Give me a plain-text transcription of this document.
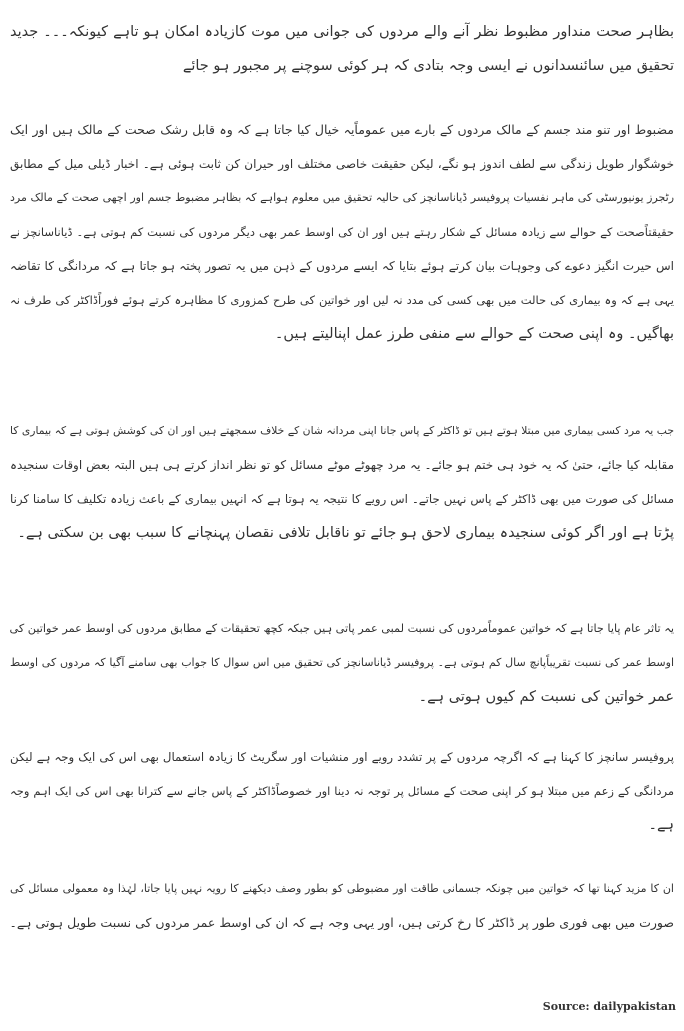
بظاہر صحت منداور مظبوط نظر آنے والے مردوں کی جوانی میں موت کازیادہ امکان ہو تاہے کیونکہ۔۔۔ جدید
تحقیق میں سائنسدانوں نے ایسی وجہ بتادی کہ ہر کوئی سوچنے پر مجبور ہو جائے
مضبوط اور تنو مند جسم کے مالک مردوں کے بارے میں عموماًیہ خیال کیا جاتا ہے کہ وہ قابل رشک صحت کے مالک ہیں اور ایک
خوشگوار طویل زندگی سے لطف اندوز ہو نگے، لیکن حقیقت خاصی مختلف اور حیران کن ثابت ہوئی ہے۔ اخبار ڈیلی میل کے مطابق
رٹجرز یونیورسٹی کی ماہر نفسیات پروفیسر ڈیاناسانچز کی حالیہ تحقیق میں معلوم ہواہے کہ بظاہر مضبوط جسم اور اچھی صحت کے مالک مرد
حقیقتاًصحت کے حوالے سے زیادہ مسائل کے شکار رہتے ہیں اور ان کی اوسط عمر بھی دیگر مردوں کی نسبت کم ہوتی ہے۔ ڈیاناسانچز نے
اس حیرت انگیز دعوے کی وجوہات بیان کرتے ہوئے بتایا کہ ایسے مردوں کے ذہن میں یہ تصور پختہ ہو جاتا ہے کہ مردانگی کا تقاضہ
یہی ہے کہ وہ بیماری کی حالت میں بھی کسی کی مدد نہ لیں اور خواتین کی طرح کمزوری کا مظاہرہ کرتے ہوئے فوراًڈاکٹر کی طرف نہ
بھاگیں۔ وہ اپنی صحت کے حوالے سے منفی طرز عمل اپنالیتے ہیں۔
جب یہ مرد کسی بیماری میں مبتلا ہوتے ہیں تو ڈاکٹر کے پاس جانا اپنی مردانہ شان کے خلاف سمجھتے ہیں اور ان کی کوشش ہوتی ہے کہ بیماری کا
مقابلہ کیا جائے، حتیٰ کہ یہ خود ہی ختم ہو جائے۔ یہ مرد چھوٹے موٹے مسائل کو تو نظر انداز کرتے ہی ہیں البتہ بعض اوقات سنجیدہ
مسائل کی صورت میں بھی ڈاکٹر کے پاس نہیں جاتے۔ اس رویے کا نتیجہ یہ ہوتا ہے کہ انہیں بیماری کے باعث زیادہ تکلیف کا سامنا کرنا
پڑتا ہے اور اگر کوئی سنجیدہ بیماری لاحق ہو جائے تو ناقابل تلافی نقصان پہنچانے کا سبب بھی بن سکتی ہے۔
یہ تاثر عام پایا جاتا ہے کہ خواتین عموماًمردوں کی نسبت لمبی عمر پاتی ہیں جبکہ کچھ تحقیقات کے مطابق مردوں کی اوسط عمر خواتین کی
اوسط عمر کی نسبت تقریباًپانچ سال کم ہوتی ہے۔ پروفیسر ڈیاناسانچز کی تحقیق میں اس سوال کا جواب بھی سامنے آگیا کہ مردوں کی اوسط
عمر خواتین کی نسبت کم کیوں ہوتی ہے۔
پروفیسر سانچز کا کہنا ہے کہ اگرچہ مردوں کے پر تشدد رویے اور منشیات اور سگریٹ کا زیادہ استعمال بھی اس کی ایک وجہ ہے لیکن
مردانگی کے زعم میں مبتلا ہو کر اپنی صحت کے مسائل پر توجہ نہ دینا اور خصوصاًڈاکٹر کے پاس جانے سے کترانا بھی اس کی ایک اہم وجہ
ہے۔
ان کا مزید کہنا تھا کہ خواتین میں چونکہ جسمانی طاقت اور مضبوطی کو بطور وصف دیکھنے کا رویہ نہیں پایا جاتا، لہٰذا وہ معمولی مسائل کی
صورت میں بھی فوری طور پر ڈاکٹر کا رخ کرتی ہیں، اور یہی وجہ ہے کہ ان کی اوسط عمر مردوں کی نسبت طویل ہوتی ہے۔
Source: dailypakistan
